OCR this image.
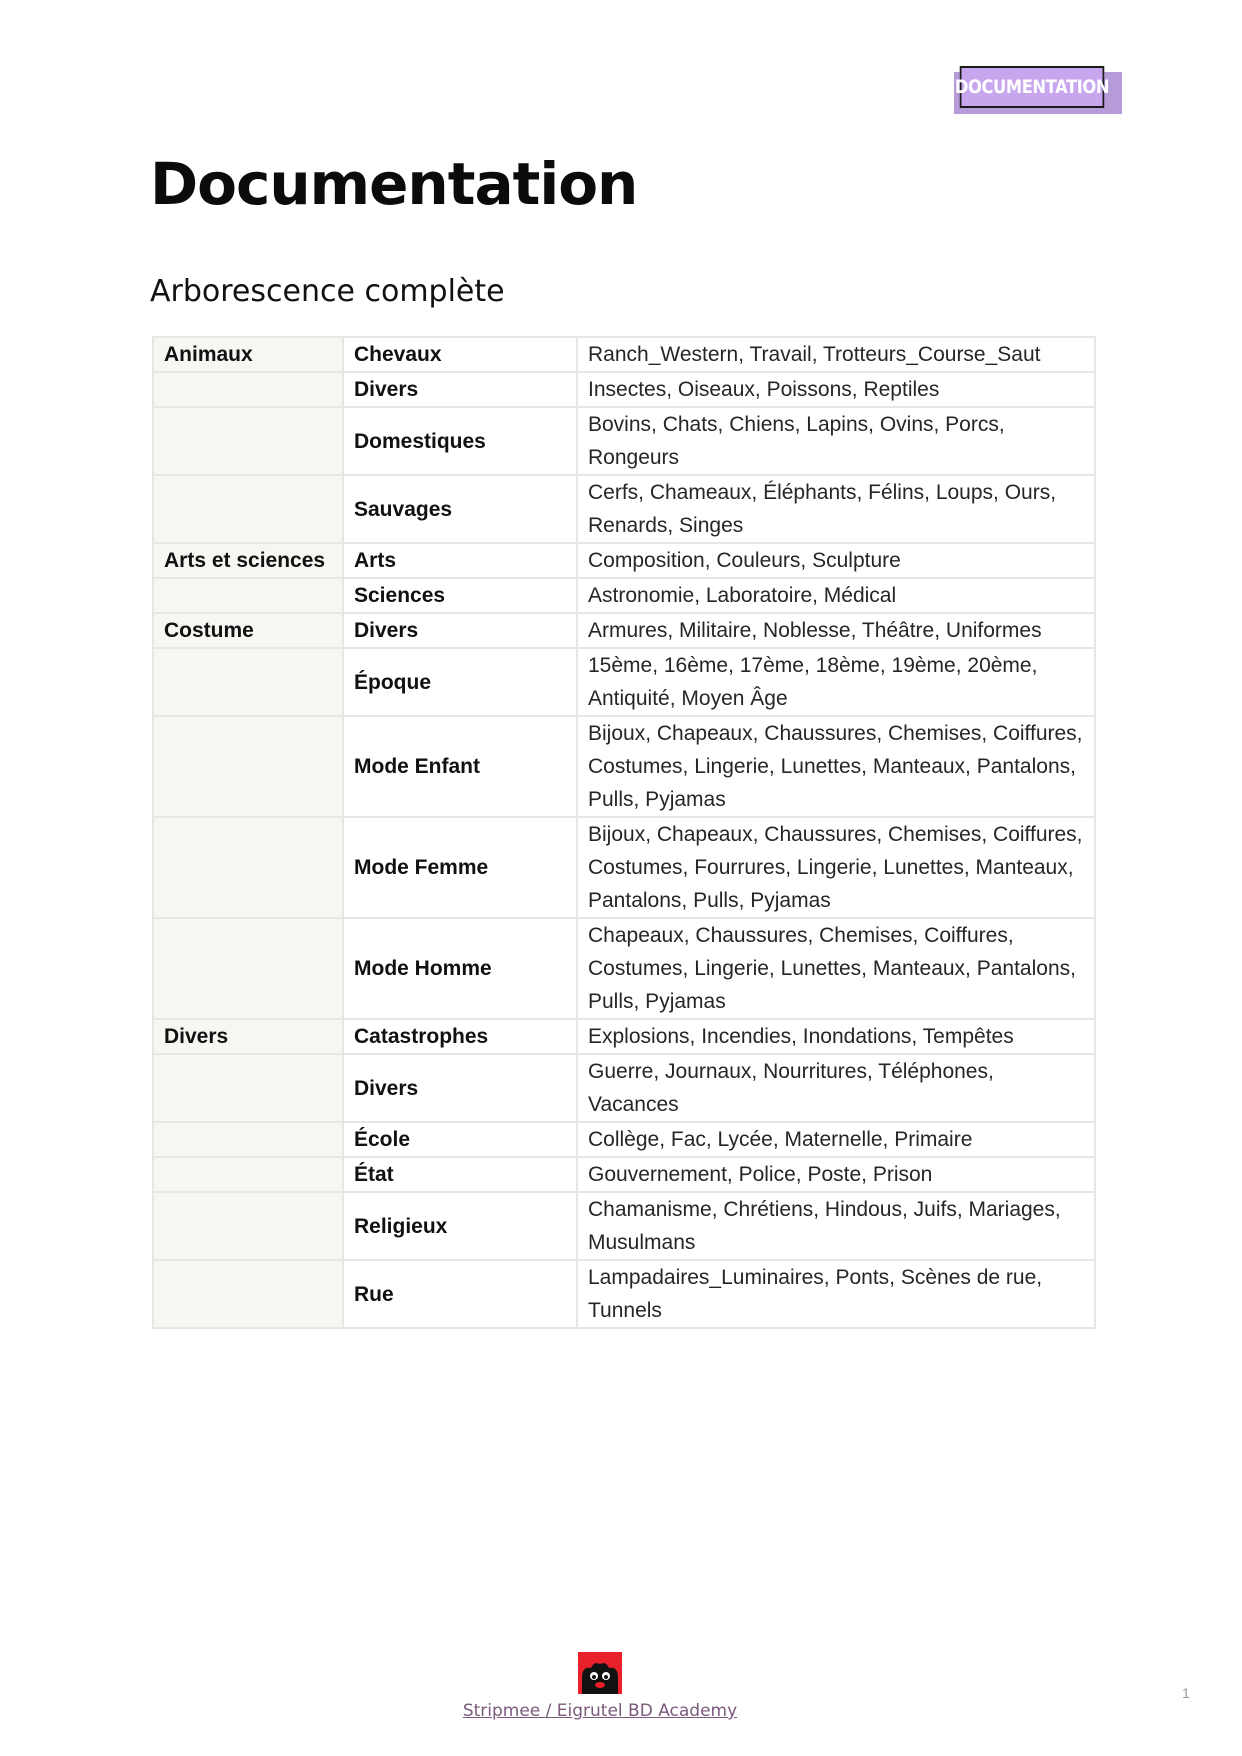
DOCUMENTATION
Documentation
Arborescence complète
Animaux	Chevaux	Ranch_Western, Travail, Trotteurs_Course_Saut
	Divers	Insectes, Oiseaux, Poissons, Reptiles
	Domestiques	Bovins, Chats, Chiens, Lapins, Ovins, Porcs, Rongeurs
	Sauvages	Cerfs, Chameaux, Éléphants, Félins, Loups, Ours, Renards, Singes
Arts et sciences	Arts	Composition, Couleurs, Sculpture
	Sciences	Astronomie, Laboratoire, Médical
Costume	Divers	Armures, Militaire, Noblesse, Théâtre, Uniformes
	Époque	15ème, 16ème, 17ème, 18ème, 19ème, 20ème, Antiquité, Moyen Âge
	Mode Enfant	Bijoux, Chapeaux, Chaussures, Chemises, Coiffures, Costumes, Lingerie, Lunettes, Manteaux, Pantalons, Pulls, Pyjamas
	Mode Femme	Bijoux, Chapeaux, Chaussures, Chemises, Coiffures, Costumes, Fourrures, Lingerie, Lunettes, Manteaux, Pantalons, Pulls, Pyjamas
	Mode Homme	Chapeaux, Chaussures, Chemises, Coiffures, Costumes, Lingerie, Lunettes, Manteaux, Pantalons, Pulls, Pyjamas
Divers	Catastrophes	Explosions, Incendies, Inondations, Tempêtes
	Divers	Guerre, Journaux, Nourritures, Téléphones, Vacances
	École	Collège, Fac, Lycée, Maternelle, Primaire
	État	Gouvernement, Police, Poste, Prison
	Religieux	Chamanisme, Chrétiens, Hindous, Juifs, Mariages, Musulmans
	Rue	Lampadaires_Luminaires, Ponts, Scènes de rue, Tunnels
Stripmee / Eigrutel BD Academy
1
